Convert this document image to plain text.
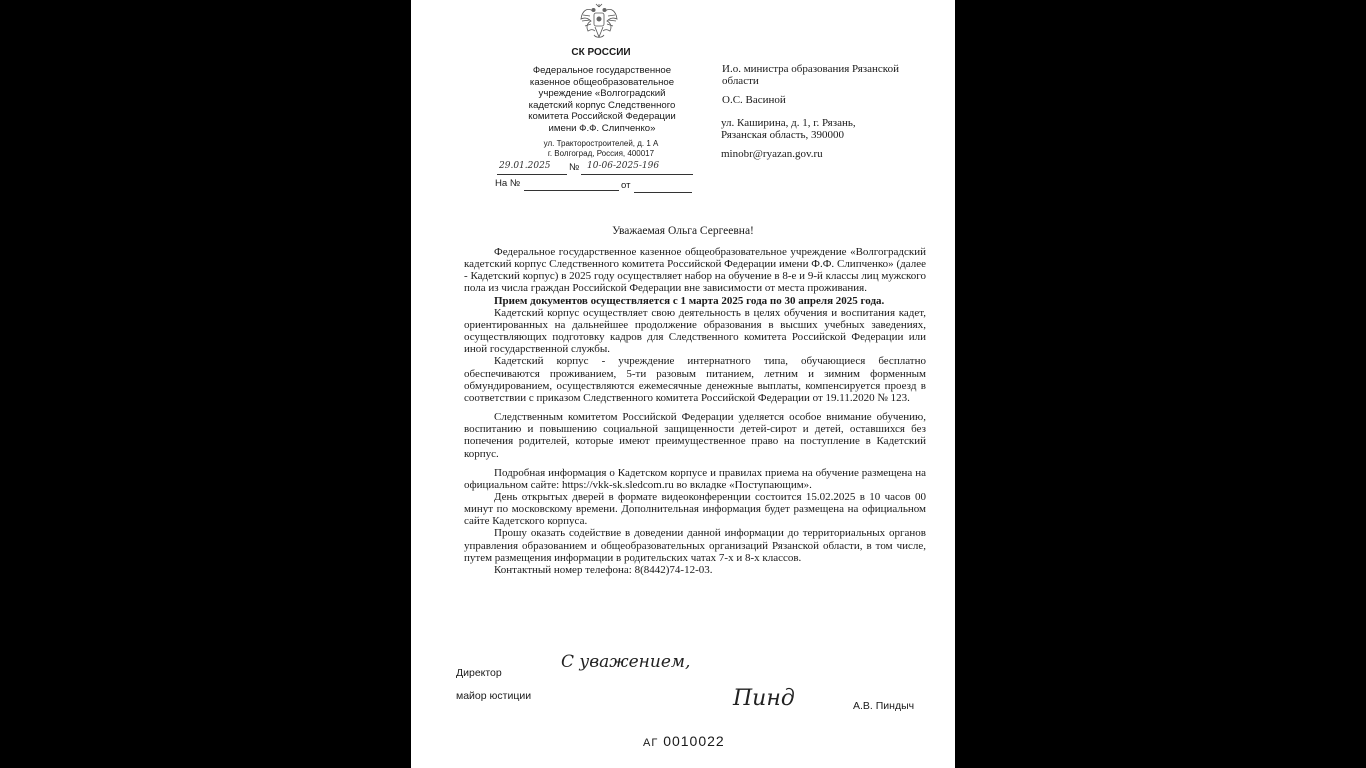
СК РОССИИ
Федеральное государственное
казенное общеобразовательное
учреждение «Волгоградский
кадетский корпус Следственного
комитета Российской Федерации
имени Ф.Ф. Слипченко»
ул. Тракторостроителей, д. 1 А
г. Волгоград, Россия, 400017
29.01.2025 № 10-06-2025-196
На №	от
И.о. министра образования Рязанской
области
О.С. Васиной
ул. Каширина, д. 1, г. Рязань,
Рязанская область, 390000
minobr@ryazan.gov.ru
Уважаемая Ольга Сергеевна!

Федеральное государственное казенное общеобразовательное учреждение «Волгоградский кадетский корпус Следственного комитета Российской Федерации имени Ф.Ф. Слипченко» (далее - Кадетский корпус) в 2025 году осуществляет набор на обучение в 8-е и 9-й классы лиц мужского пола из числа граждан Российской Федерации вне зависимости от места проживания.

Прием документов осуществляется с 1 марта 2025 года по 30 апреля 2025 года.

Кадетский корпус осуществляет свою деятельность в целях обучения и воспитания кадет, ориентированных на дальнейшее продолжение образования в высших учебных заведениях, осуществляющих подготовку кадров для Следственного комитета Российской Федерации или иной государственной службы.

Кадетский корпус - учреждение интернатного типа, обучающиеся бесплатно обеспечиваются проживанием, 5-ти разовым питанием, летним и зимним форменным обмундированием, осуществляются ежемесячные денежные выплаты, компенсируется проезд в соответствии с приказом Следственного комитета Российской Федерации от 19.11.2020 № 123.

Следственным комитетом Российской Федерации уделяется особое внимание обучению, воспитанию и повышению социальной защищенности детей-сирот и детей, оставшихся без попечения родителей, которые имеют преимущественное право на поступление в Кадетский корпус.

Подробная информация о Кадетском корпусе и правилах приема на обучение размещена на официальном сайте: https://vkk-sk.sledcom.ru во вкладке «Поступающим».

День открытых дверей в формате видеоконференции состоится 15.02.2025 в 10 часов 00 минут по московскому времени. Дополнительная информация будет размещена на официальном сайте Кадетского корпуса.

Прошу оказать содействие в доведении данной информации до территориальных органов управления образованием и общеобразовательных организаций Рязанской области, в том числе, путем размещения информации в родительских чатах 7-х и 8-х классов.

Контактный номер телефона: 8(8442)74-12-03.

С уважением,
Директор
майор юстиции	Пинд	А.В. Пиндыч
АГ 0010022
